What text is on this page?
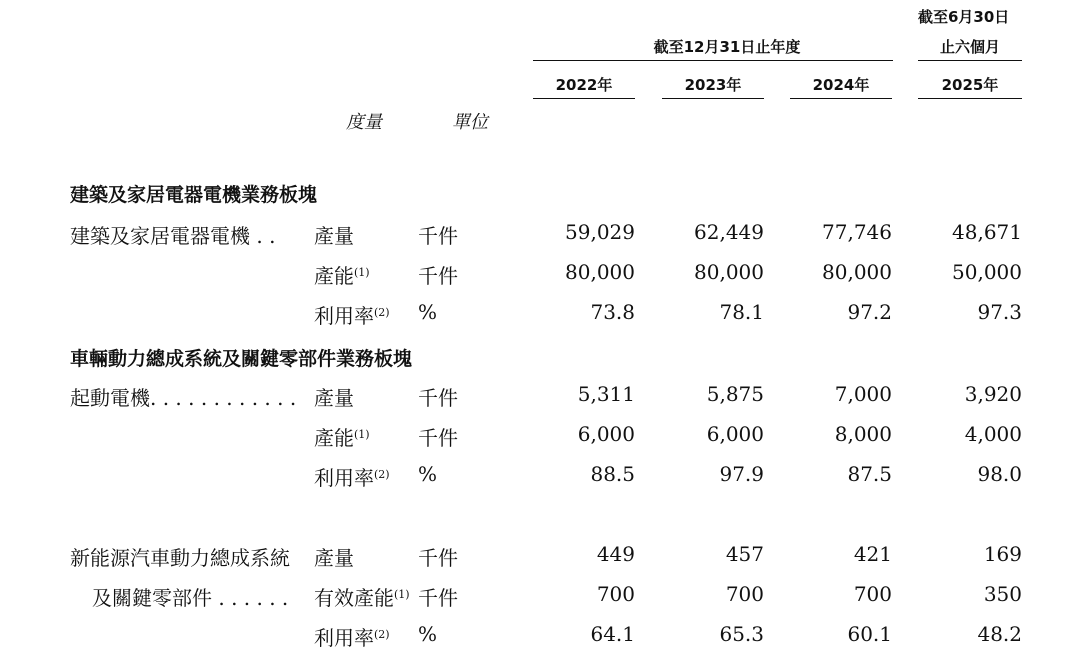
截至6月30日
截至12月31日止年度	止六個月
2022年	2023年	2024年	2025年
度量	單位
建築及家居電器電機業務板塊
建築及家居電器電機 . . 產量	千件	59,029	62,449	77,746	48,671
產能$^{(1)}$ 千件	80,000	80,000	80,000	50,000
利用率$^{(2)}$ %	73.8	78.1	97.2	97.3
車輛動力總成系統及關鍵零部件業務板塊
起動電機. . . . . . . . . . . . 產量	千件	5,311	5,875	7,000	3,920
產能$^{(1)}$ 千件	6,000	6,000	8,000	4,000
利用率$^{(2)}$ %	88.5	97.9	87.5	98.0
新能源汽車動力總成系統 產量	千件	449	457	421	169
及關鍵零部件 . . . . . . 有效產能$^{(1)}$ 千件	700	700	700	350
利用率$^{(2)}$ %	64.1	65.3	60.1	48.2
